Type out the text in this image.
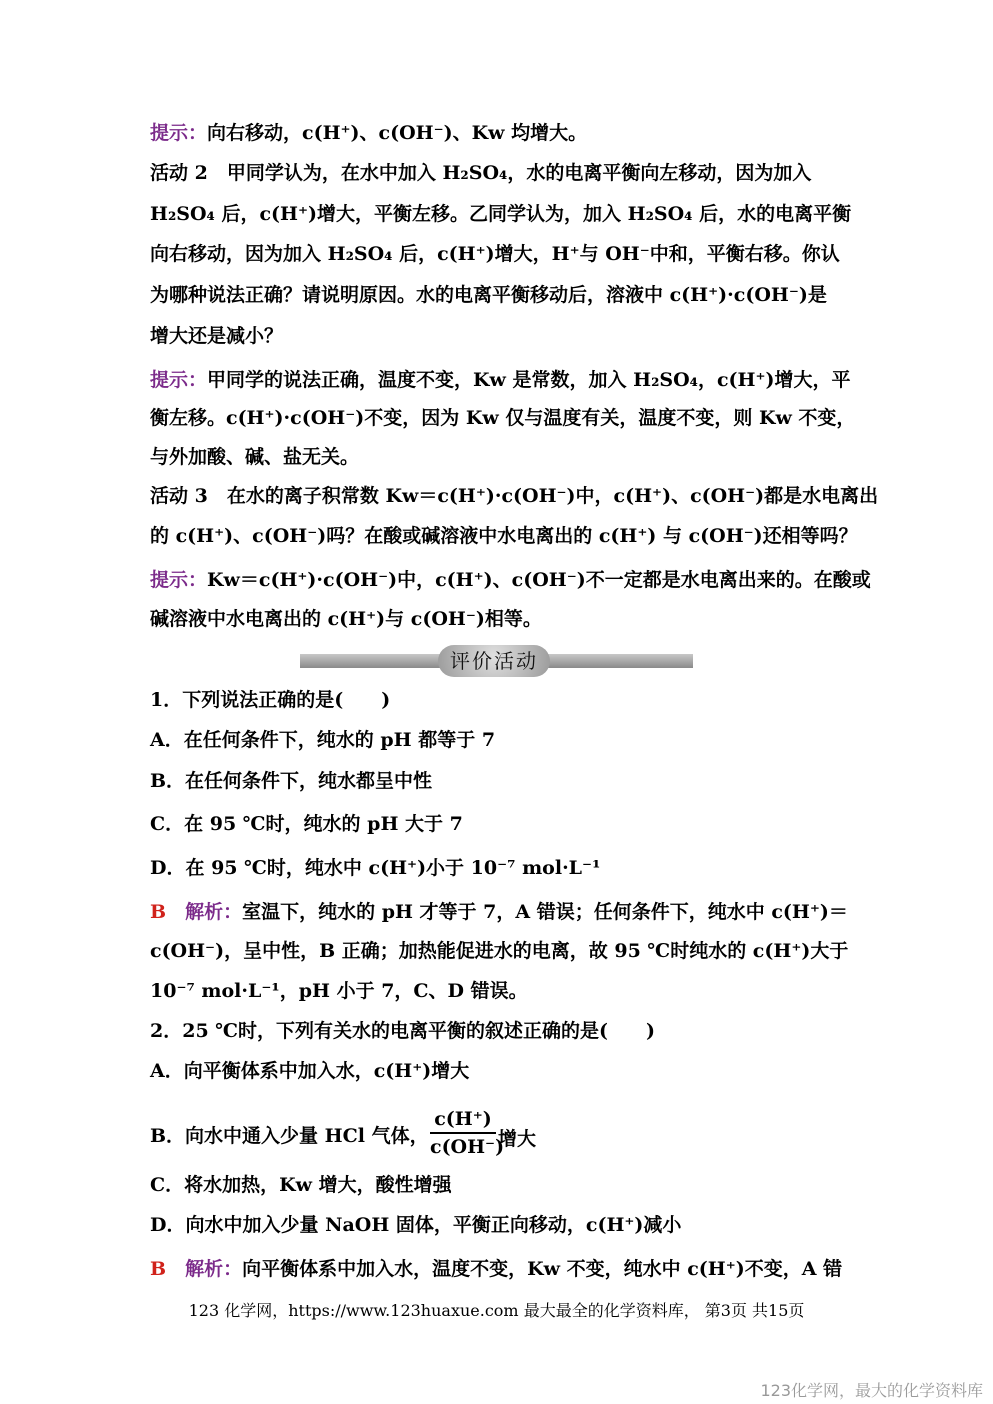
提示：向右移动，c(H⁺)、c(OH⁻)、Kw 均增大。
活动 2　甲同学认为，在水中加入 H₂SO₄，水的电离平衡向左移动，因为加入
H₂SO₄ 后，c(H⁺)增大，平衡左移。乙同学认为，加入 H₂SO₄ 后，水的电离平衡
向右移动，因为加入 H₂SO₄ 后，c(H⁺)增大，H⁺与 OH⁻中和，平衡右移。你认
为哪种说法正确？请说明原因。水的电离平衡移动后，溶液中 c(H⁺)·c(OH⁻)是
增大还是减小？
提示：甲同学的说法正确，温度不变，Kw 是常数，加入 H₂SO₄，c(H⁺)增大，平
衡左移。c(H⁺)·c(OH⁻)不变，因为 Kw 仅与温度有关，温度不变，则 Kw 不变，
与外加酸、碱、盐无关。
活动 3　在水的离子积常数 Kw＝c(H⁺)·c(OH⁻)中，c(H⁺)、c(OH⁻)都是水电离出
的 c(H⁺)、c(OH⁻)吗？在酸或碱溶液中水电离出的 c(H⁺) 与 c(OH⁻)还相等吗？
提示：Kw＝c(H⁺)·c(OH⁻)中，c(H⁺)、c(OH⁻)不一定都是水电离出来的。在酸或
碱溶液中水电离出的 c(H⁺)与 c(OH⁻)相等。
评价活动
1．下列说法正确的是(　　)
A．在任何条件下，纯水的 pH 都等于 7
B．在任何条件下，纯水都呈中性
C．在 95 ℃时，纯水的 pH 大于 7
D．在 95 ℃时，纯水中 c(H⁺)小于 10⁻⁷ mol·L⁻¹
B　 解析：室温下，纯水的 pH 才等于 7，A 错误；任何条件下，纯水中 c(H⁺)＝
c(OH⁻)，呈中性，B 正确；加热能促进水的电离，故 95 ℃时纯水的 c(H⁺)大于
10⁻⁷ mol·L⁻¹，pH 小于 7，C、D 错误。
2．25 ℃时，下列有关水的电离平衡的叙述正确的是(　　)
A．向平衡体系中加入水，c(H⁺)增大
B．向水中通入少量 HCl 气体，
c(H⁺)
c(OH⁻)
增大
C．将水加热，Kw 增大，酸性增强
D．向水中加入少量 NaOH 固体，平衡正向移动，c(H⁺)减小
B　 解析：向平衡体系中加入水，温度不变，Kw 不变，纯水中 c(H⁺)不变，A 错
123 化学网，https://www.123huaxue.com 最大最全的化学资料库， 第3页 共15页
123化学网，最大的化学资料库
